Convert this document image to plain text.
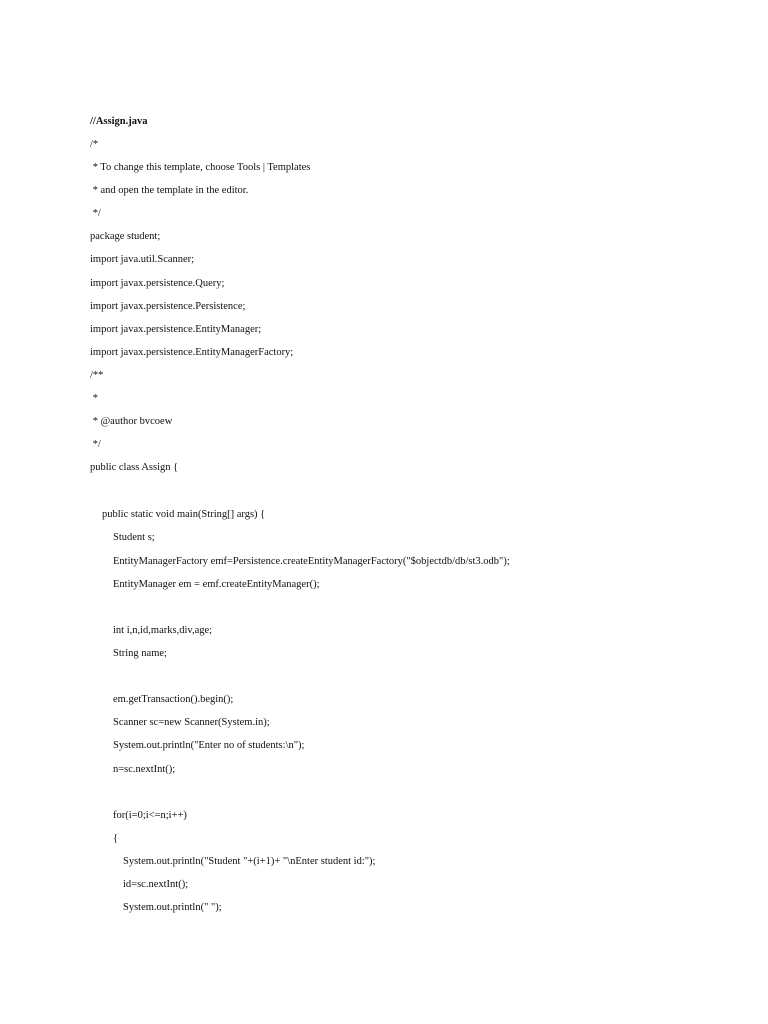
//Assign.java
/*
* To change this template, choose Tools | Templates
* and open the template in the editor.
*/
package student;
import java.util.Scanner;
import javax.persistence.Query;
import javax.persistence.Persistence;
import javax.persistence.EntityManager;
import javax.persistence.EntityManagerFactory;
/**
*
* @author bvcoew
*/
public class Assign {
public static void main(String[] args) {
Student s;
EntityManagerFactory emf=Persistence.createEntityManagerFactory("$objectdb/db/st3.odb");
EntityManager em = emf.createEntityManager();
int i,n,id,marks,div,age;
String name;
em.getTransaction().begin();
Scanner sc=new Scanner(System.in);
System.out.println("Enter no of students:\n");
n=sc.nextInt();
for(i=0;i<=n;i++)
{
System.out.println("Student "+(i+1)+ "\nEnter student id:");
id=sc.nextInt();
System.out.println(" ");
